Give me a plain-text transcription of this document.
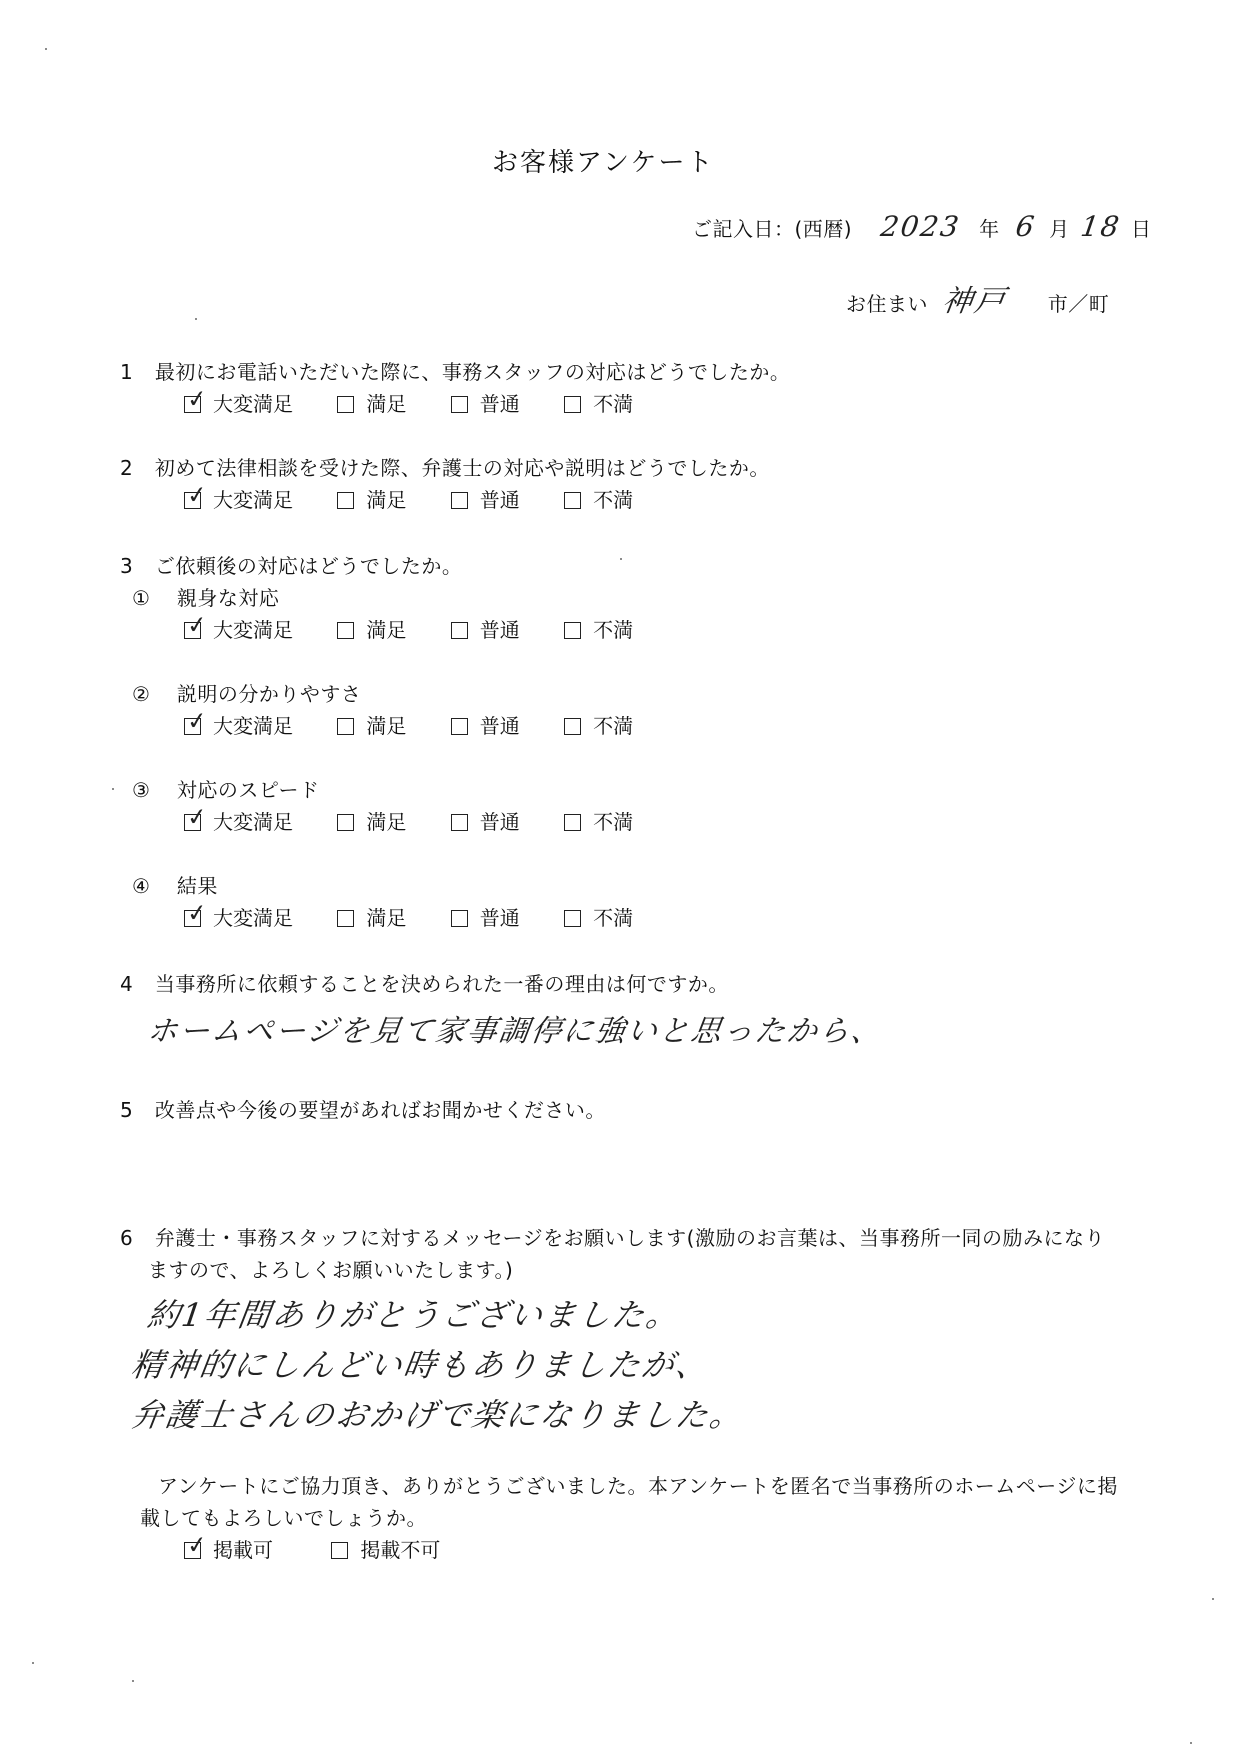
お客様アンケート
ご記入日：(西暦) 2023 年 6 月 18 日
お住まい 神戸 市／町
1 最初にお電話いただいた際に、事務スタッフの対応はどうでしたか。
✓ 大変満足	満足	普通	不満
2 初めて法律相談を受けた際、弁護士の対応や説明はどうでしたか。
✓ 大変満足	満足	普通	不満
3 ご依頼後の対応はどうでしたか。
① 親身な対応
✓ 大変満足	満足	普通	不満
② 説明の分かりやすさ
✓ 大変満足	満足	普通	不満
③ 対応のスピード
✓ 大変満足	満足	普通	不満
④ 結果
✓ 大変満足	満足	普通	不満
4 当事務所に依頼することを決められた一番の理由は何ですか。
ホームページを見て家事調停に強いと思ったから、
5 改善点や今後の要望があればお聞かせください。
6 弁護士・事務スタッフに対するメッセージをお願いします(激励のお言葉は、当事務所一同の励みになり
ますので、よろしくお願いいたします。)
約1年間ありがとうございました。
精神的にしんどい時もありましたが、
弁護士さんのおかげで楽になりました。
アンケートにご協力頂き、ありがとうございました。本アンケートを匿名で当事務所のホームページに掲
載してもよろしいでしょうか。
✓ 掲載可	掲載不可
